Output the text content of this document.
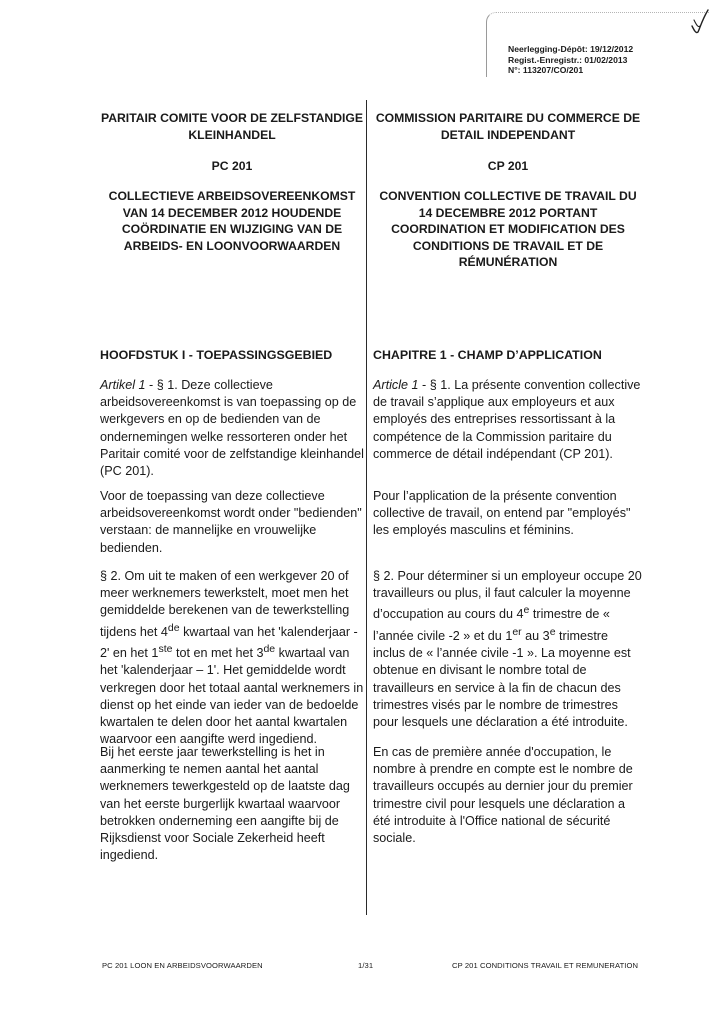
Neerlegging-Dépôt: 19/12/2012
Regist.-Enregistr.: 01/02/2013
N°: 113207/CO/201
PARITAIR COMITE VOOR DE ZELFSTANDIGE KLEINHANDEL
PC 201
COLLECTIEVE ARBEIDSOVEREENKOMST VAN 14 DECEMBER 2012 HOUDENDE COÖRDINATIE EN WIJZIGING VAN DE ARBEIDS- EN LOONVOORWAARDEN
HOOFDSTUK I - TOEPASSINGSGEBIED

Artikel 1 - § 1. Deze collectieve arbeidsovereenkomst is van toepassing op de werkgevers en op de bedienden van de ondernemingen welke ressorteren onder het Paritair comité voor de zelfstandige kleinhandel (PC 201).

Voor de toepassing van deze collectieve arbeidsovereenkomst wordt onder "bedienden" verstaan: de mannelijke en vrouwelijke bedienden.

§ 2. Om uit te maken of een werkgever 20 of meer werknemers tewerkstelt, moet men het gemiddelde berekenen van de tewerkstelling tijdens het 4de kwartaal van het 'kalenderjaar - 2' en het 1ste tot en met het 3de kwartaal van het 'kalenderjaar – 1'. Het gemiddelde wordt verkregen door het totaal aantal werknemers in dienst op het einde van ieder van de bedoelde kwartalen te delen door het aantal kwartalen waarvoor een aangifte werd ingediend.

Bij het eerste jaar tewerkstelling is het in aanmerking te nemen aantal het aantal werknemers tewerkgesteld op de laatste dag van het eerste burgerlijk kwartaal waarvoor betrokken onderneming een aangifte bij de Rijksdienst voor Sociale Zekerheid heeft ingediend.

COMMISSION PARITAIRE DU COMMERCE DE DETAIL INDEPENDANT
CP 201
CONVENTION COLLECTIVE DE TRAVAIL DU 14 DECEMBRE 2012 PORTANT COORDINATION ET MODIFICATION DES CONDITIONS DE TRAVAIL ET DE RÉMUNÉRATION
CHAPITRE 1 - CHAMP D’APPLICATION

Article 1 - § 1. La présente convention collective de travail s’applique aux employeurs et aux employés des entreprises ressortissant à la compétence de la Commission paritaire du commerce de détail indépendant (CP 201).

Pour l’application de la présente convention collective de travail, on entend par "employés" les employés masculins et féminins.

§ 2. Pour déterminer si un employeur occupe 20 travailleurs ou plus, il faut calculer la moyenne d’occupation au cours du 4e trimestre de « l’année civile -2 » et du 1er au 3e trimestre inclus de « l’année civile -1 ». La moyenne est obtenue en divisant le nombre total de travailleurs en service à la fin de chacun des trimestres visés par le nombre de trimestres pour lesquels une déclaration a été introduite.

En cas de première année d'occupation, le nombre à prendre en compte est le nombre de travailleurs occupés au dernier jour du premier trimestre civil pour lesquels une déclaration a été introduite à l'Office national de sécurité sociale.

PC 201 LOON EN ARBEIDSVOORWAARDEN	1/31	CP 201 CONDITIONS TRAVAIL ET REMUNERATION
